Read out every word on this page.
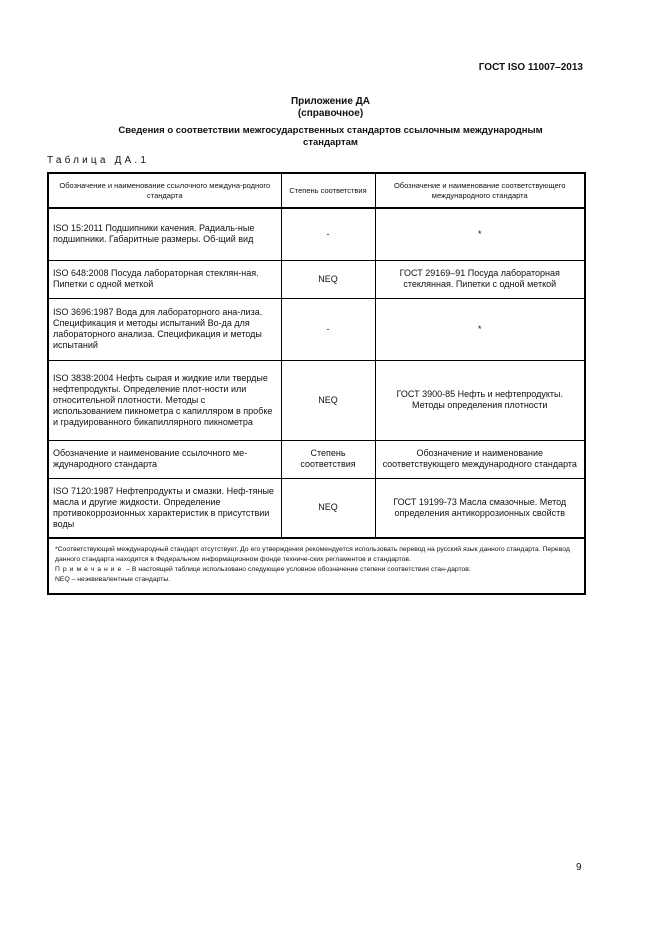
ГОСТ ISO 11007–2013
Приложение ДА
(справочное)
Сведения о соответствии межгосударственных стандартов ссылочным международным стандартам
Таблица ДА.1
Обозначение и наименование ссылочного междуна-родного стандарта	Степень соответствия	Обозначение и наименование соответствующего международного стандарта
ISO 15:2011 Подшипники качения. Радиаль-ные подшипники. Габаритные размеры. Об-щий вид	-	*
ISO 648:2008 Посуда лабораторная стеклян-ная. Пипетки с одной меткой	NEQ	ГОСТ 29169–91 Посуда лабораторная стеклянная. Пипетки с одной меткой
ISO 3696:1987 Вода для лабораторного ана-лиза. Спецификация и методы испытаний Во-да для лабораторного анализа. Спецификация и методы испытаний	-	*
ISO 3838:2004 Нефть сырая и жидкие или твердые нефтепродукты. Определение плот-ности или относительной плотности. Методы с использованием пикнометра с капилляром в пробке и градуированного бикапиллярного пикнометра	NEQ	ГОСТ 3900-85 Нефть и нефтепродукты. Методы определения плотности
Обозначение и наименование ссылочного ме-ждународного стандарта	Степень соответствия	Обозначение и наименование соответствующего международного стандарта
ISO 7120:1987 Нефтепродукты и смазки. Неф-тяные масла и другие жидкости. Определение противокоррозионных характеристик в присутствии воды	NEQ	ГОСТ 19199-73 Масла смазочные. Метод определения антикоррозионных свойств

*Соответствующий международный стандарт отсутствует. До его утверждения рекомендуется использовать перевод на русский язык данного стандарта. Перевод данного стандарта находится в Федеральном информационном фонде техниче-ских регламентов и стандартов.
Примечание – В настоящей таблице использовано следующее условное обозначение степени соответствия стан-дартов:
NEQ – неэквивалентные стандарты.		
9
